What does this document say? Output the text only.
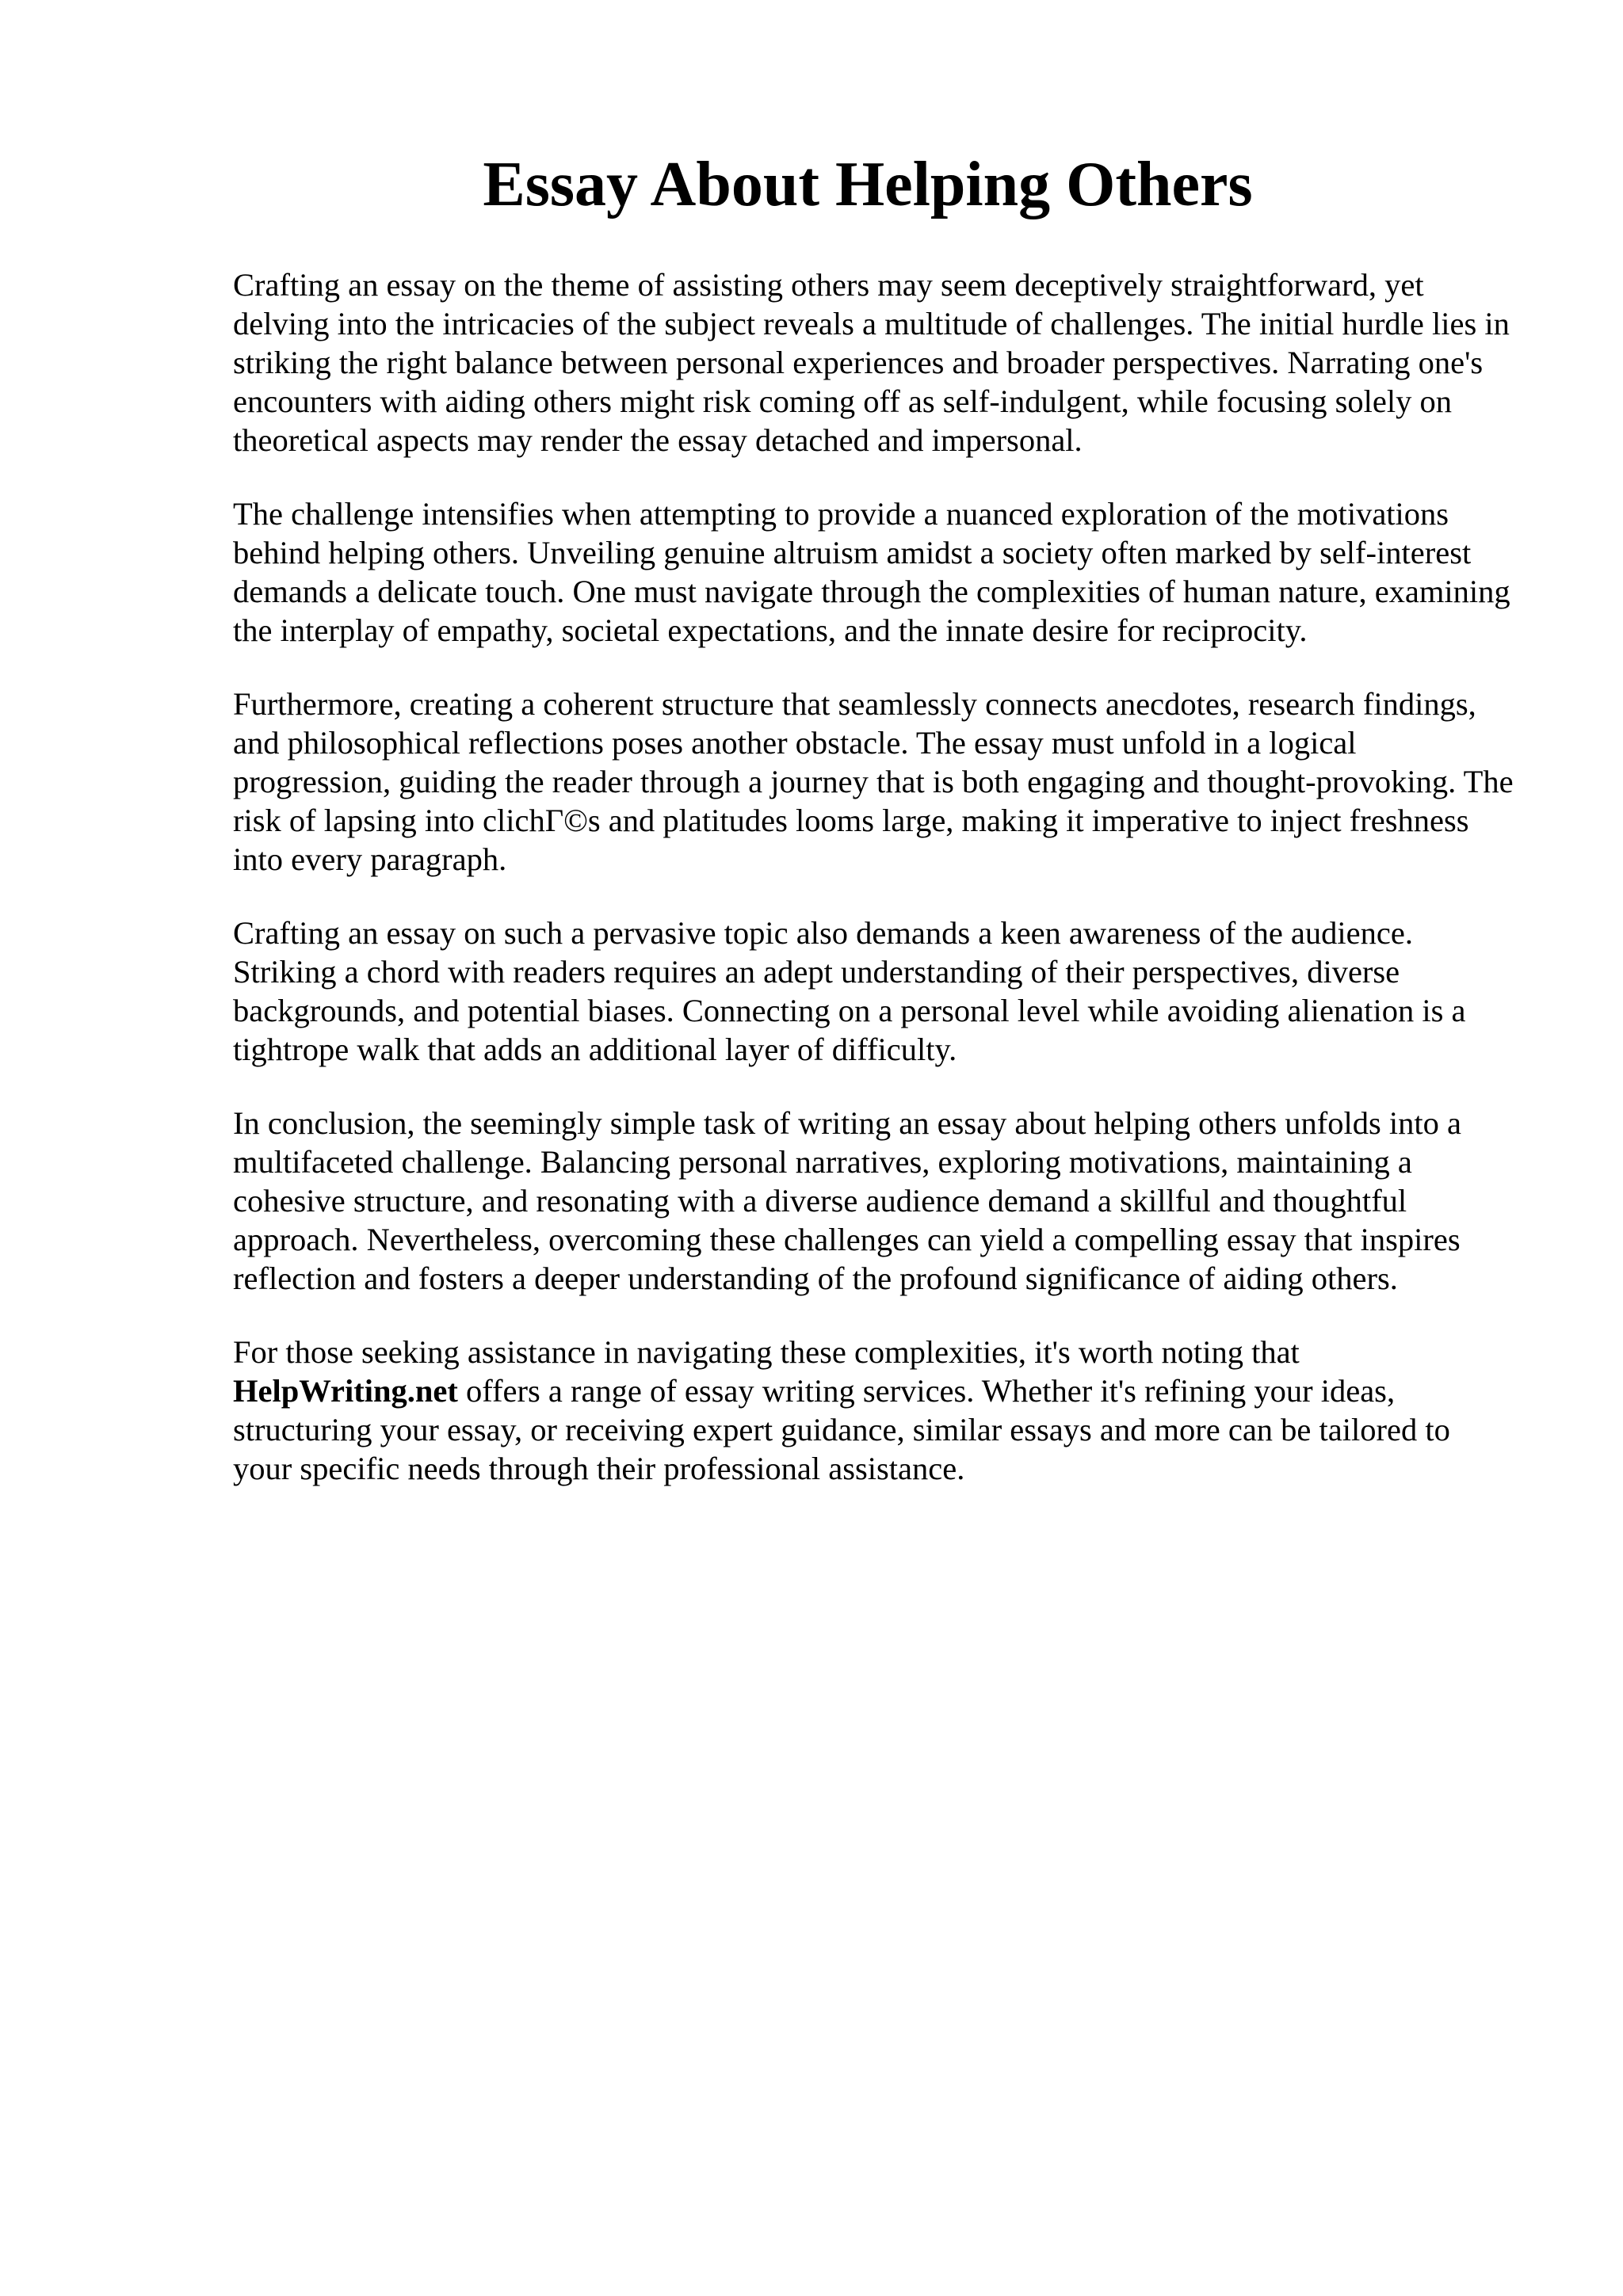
Essay About Helping Others

Crafting an essay on the theme of assisting others may seem deceptively straightforward, yet delving into the intricacies of the subject reveals a multitude of challenges. The initial hurdle lies in striking the right balance between personal experiences and broader perspectives. Narrating one's encounters with aiding others might risk coming off as self-indulgent, while focusing solely on theoretical aspects may render the essay detached and impersonal.

The challenge intensifies when attempting to provide a nuanced exploration of the motivations behind helping others. Unveiling genuine altruism amidst a society often marked by self-interest demands a delicate touch. One must navigate through the complexities of human nature, examining the interplay of empathy, societal expectations, and the innate desire for reciprocity.

Furthermore, creating a coherent structure that seamlessly connects anecdotes, research findings, and philosophical reflections poses another obstacle. The essay must unfold in a logical progression, guiding the reader through a journey that is both engaging and thought-provoking. The risk of lapsing into clichΓ©s and platitudes looms large, making it imperative to inject freshness into every paragraph.

Crafting an essay on such a pervasive topic also demands a keen awareness of the audience. Striking a chord with readers requires an adept understanding of their perspectives, diverse backgrounds, and potential biases. Connecting on a personal level while avoiding alienation is a tightrope walk that adds an additional layer of difficulty.

In conclusion, the seemingly simple task of writing an essay about helping others unfolds into a multifaceted challenge. Balancing personal narratives, exploring motivations, maintaining a cohesive structure, and resonating with a diverse audience demand a skillful and thoughtful approach. Nevertheless, overcoming these challenges can yield a compelling essay that inspires reflection and fosters a deeper understanding of the profound significance of aiding others.

For those seeking assistance in navigating these complexities, it's worth noting that HelpWriting.net offers a range of essay writing services. Whether it's refining your ideas, structuring your essay, or receiving expert guidance, similar essays and more can be tailored to your specific needs through their professional assistance.
